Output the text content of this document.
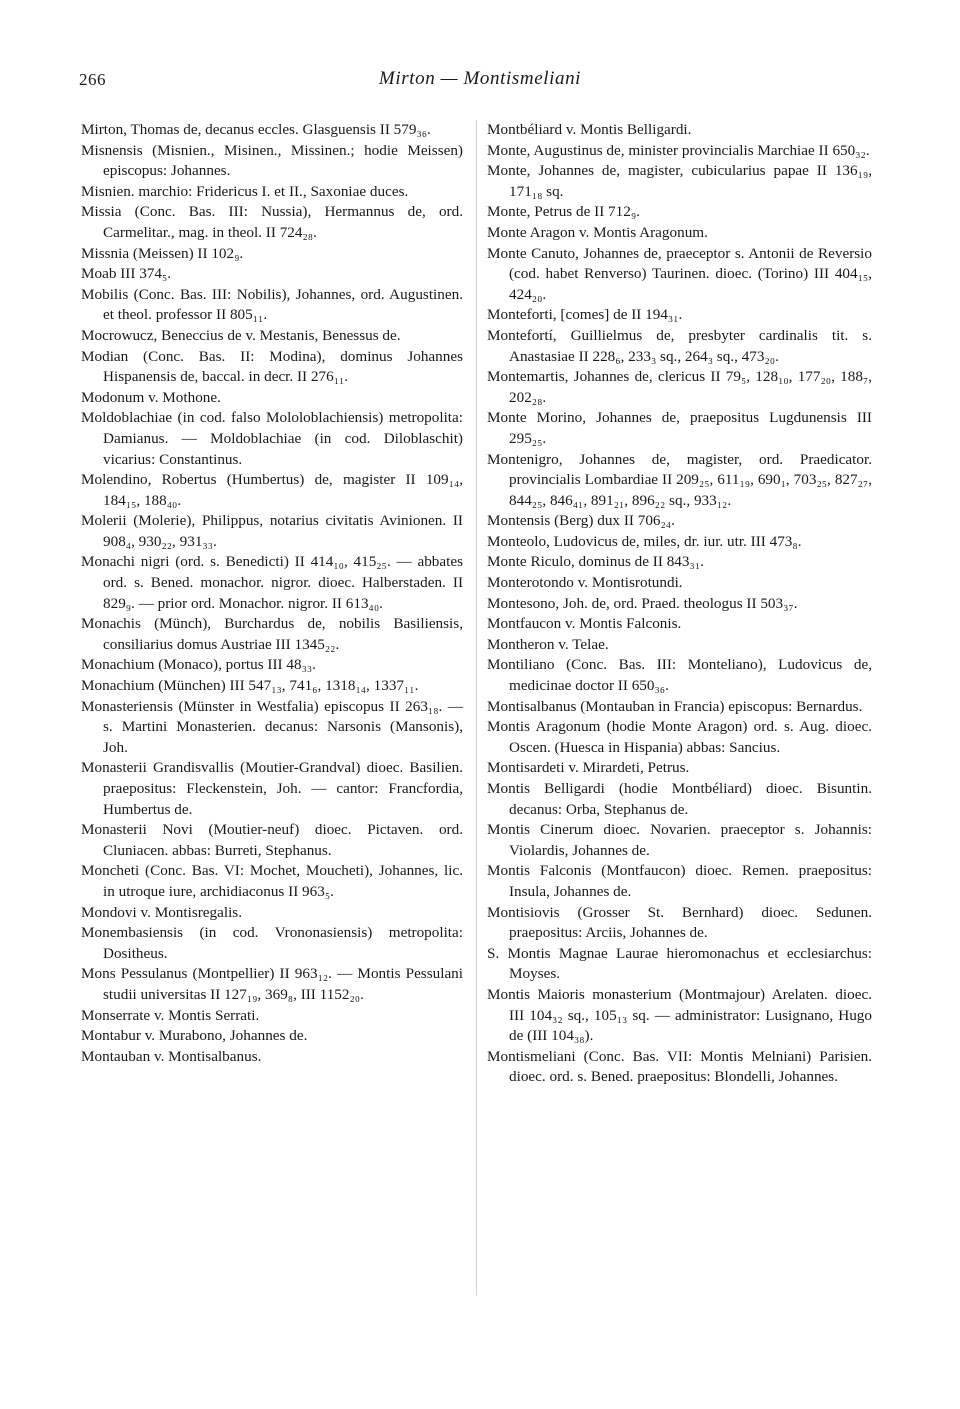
266	Mirton — Montismeliani

Mirton, Thomas de, decanus eccles. Glasguensis II 579₃₆.

Misnensis (Misnien., Misinen., Missinen.; hodie Meissen) episcopus: Johannes.

Misnien. marchio: Fridericus I. et II., Saxoniae duces.

Missia (Conc. Bas. III: Nussia), Hermannus de, ord. Carmelitar., mag. in theol. II 724₂₈.

Missnia (Meissen) II 102₉.

Moab III 374₅.

Mobilis (Conc. Bas. III: Nobilis), Johannes, ord. Augustinen. et theol. professor II 805₁₁.

Mocrowucz, Beneccius de v. Mestanis, Benessus de.

Modian (Conc. Bas. II: Modina), dominus Johannes Hispanensis de, baccal. in decr. II 276₁₁.

Modonum v. Mothone.

Moldoblachiae (in cod. falso Mololoblachiensis) metropolita: Damianus. — Moldoblachiae (in cod. Diloblaschit) vicarius: Constantinus.

Molendino, Robertus (Humbertus) de, magister II 109₁₄, 184₁₅, 188₄₀.

Molerii (Molerie), Philippus, notarius civitatis Avinionen. II 908₄, 930₂₂, 931₃₃.

Monachi nigri (ord. s. Benedicti) II 414₁₀, 415₂₅. — abbates ord. s. Bened. monachor. nigror. dioec. Halberstaden. II 829₉. — prior ord. Monachor. nigror. II 613₄₀.

Monachis (Münch), Burchardus de, nobilis Basiliensis, consiliarius domus Austriae III 1345₂₂.

Monachium (Monaco), portus III 48₃₃.

Monachium (München) III 547₁₃, 741₆, 1318₁₄, 1337₁₁.

Monasteriensis (Münster in Westfalia) episcopus II 263₁₈. — s. Martini Monasterien. decanus: Narsonis (Mansonis), Joh.

Monasterii Grandisvallis (Moutier-Grandval) dioec. Basilien. praepositus: Fleckenstein, Joh. — cantor: Francfordia, Humbertus de.

Monasterii Novi (Moutier-neuf) dioec. Pictaven. ord. Cluniacen. abbas: Burreti, Stephanus.

Moncheti (Conc. Bas. VI: Mochet, Moucheti), Johannes, lic. in utroque iure, archidiaconus II 963₅.

Mondovi v. Montisregalis.

Monembasiensis (in cod. Vrononasiensis) metropolita: Dositheus.

Mons Pessulanus (Montpellier) II 963₁₂. — Montis Pessulani studii universitas II 127₁₉, 369₈, III 1152₂₀.

Monserrate v. Montis Serrati.

Montabur v. Murabono, Johannes de.

Montauban v. Montisalbanus.

Montbéliard v. Montis Belligardi.

Monte, Augustinus de, minister provincialis Marchiae II 650₃₂.

Monte, Johannes de, magister, cubicularius papae II 136₁₉, 171₁₈ sq.

Monte, Petrus de II 712₉.

Monte Aragon v. Montis Aragonum.

Monte Canuto, Johannes de, praeceptor s. Antonii de Reversio (cod. habet Renverso) Taurinen. dioec. (Torino) III 404₁₅, 424₂₀.

Monteforti, [comes] de II 194₃₁.

Montefortí, Guillielmus de, presbyter cardinalis tit. s. Anastasiae II 228₆, 233₃ sq., 264₃ sq., 473₂₀.

Montemartis, Johannes de, clericus II 79₅, 128₁₀, 177₂₀, 188₇, 202₂₈.

Monte Morino, Johannes de, praepositus Lugdunensis III 295₂₅.

Montenigro, Johannes de, magister, ord. Praedicator. provincialis Lombardiae II 209₂₅, 611₁₉, 690₁, 703₂₅, 827₂₇, 844₂₅, 846₄₁, 891₂₁, 896₂₂ sq., 933₁₂.

Montensis (Berg) dux II 706₂₄.

Monteolo, Ludovicus de, miles, dr. iur. utr. III 473₈.

Monte Riculo, dominus de II 843₃₁.

Monterotondo v. Montisrotundi.

Montesono, Joh. de, ord. Praed. theologus II 503₃₇.

Montfaucon v. Montis Falconis.

Montheron v. Telae.

Montiliano (Conc. Bas. III: Monteliano), Ludovicus de, medicinae doctor II 650₃₆.

Montisalbanus (Montauban in Francia) episcopus: Bernardus.

Montis Aragonum (hodie Monte Aragon) ord. s. Aug. dioec. Oscen. (Huesca in Hispania) abbas: Sancius.

Montisardeti v. Mirardeti, Petrus.

Montis Belligardi (hodie Montbéliard) dioec. Bisuntin. decanus: Orba, Stephanus de.

Montis Cinerum dioec. Novarien. praeceptor s. Johannis: Violardis, Johannes de.

Montis Falconis (Montfaucon) dioec. Remen. praepositus: Insula, Johannes de.

Montisiovis (Grosser St. Bernhard) dioec. Sedunen. praepositus: Arciis, Johannes de.

S. Montis Magnae Laurae hieromonachus et ecclesiarchus: Moyses.

Montis Maioris monasterium (Montmajour) Arelaten. dioec. III 104₃₂ sq., 105₁₃ sq. — administrator: Lusignano, Hugo de (III 104₃₈).

Montismeliani (Conc. Bas. VII: Montis Melniani) Parisien. dioec. ord. s. Bened. praepositus: Blondelli, Johannes.
